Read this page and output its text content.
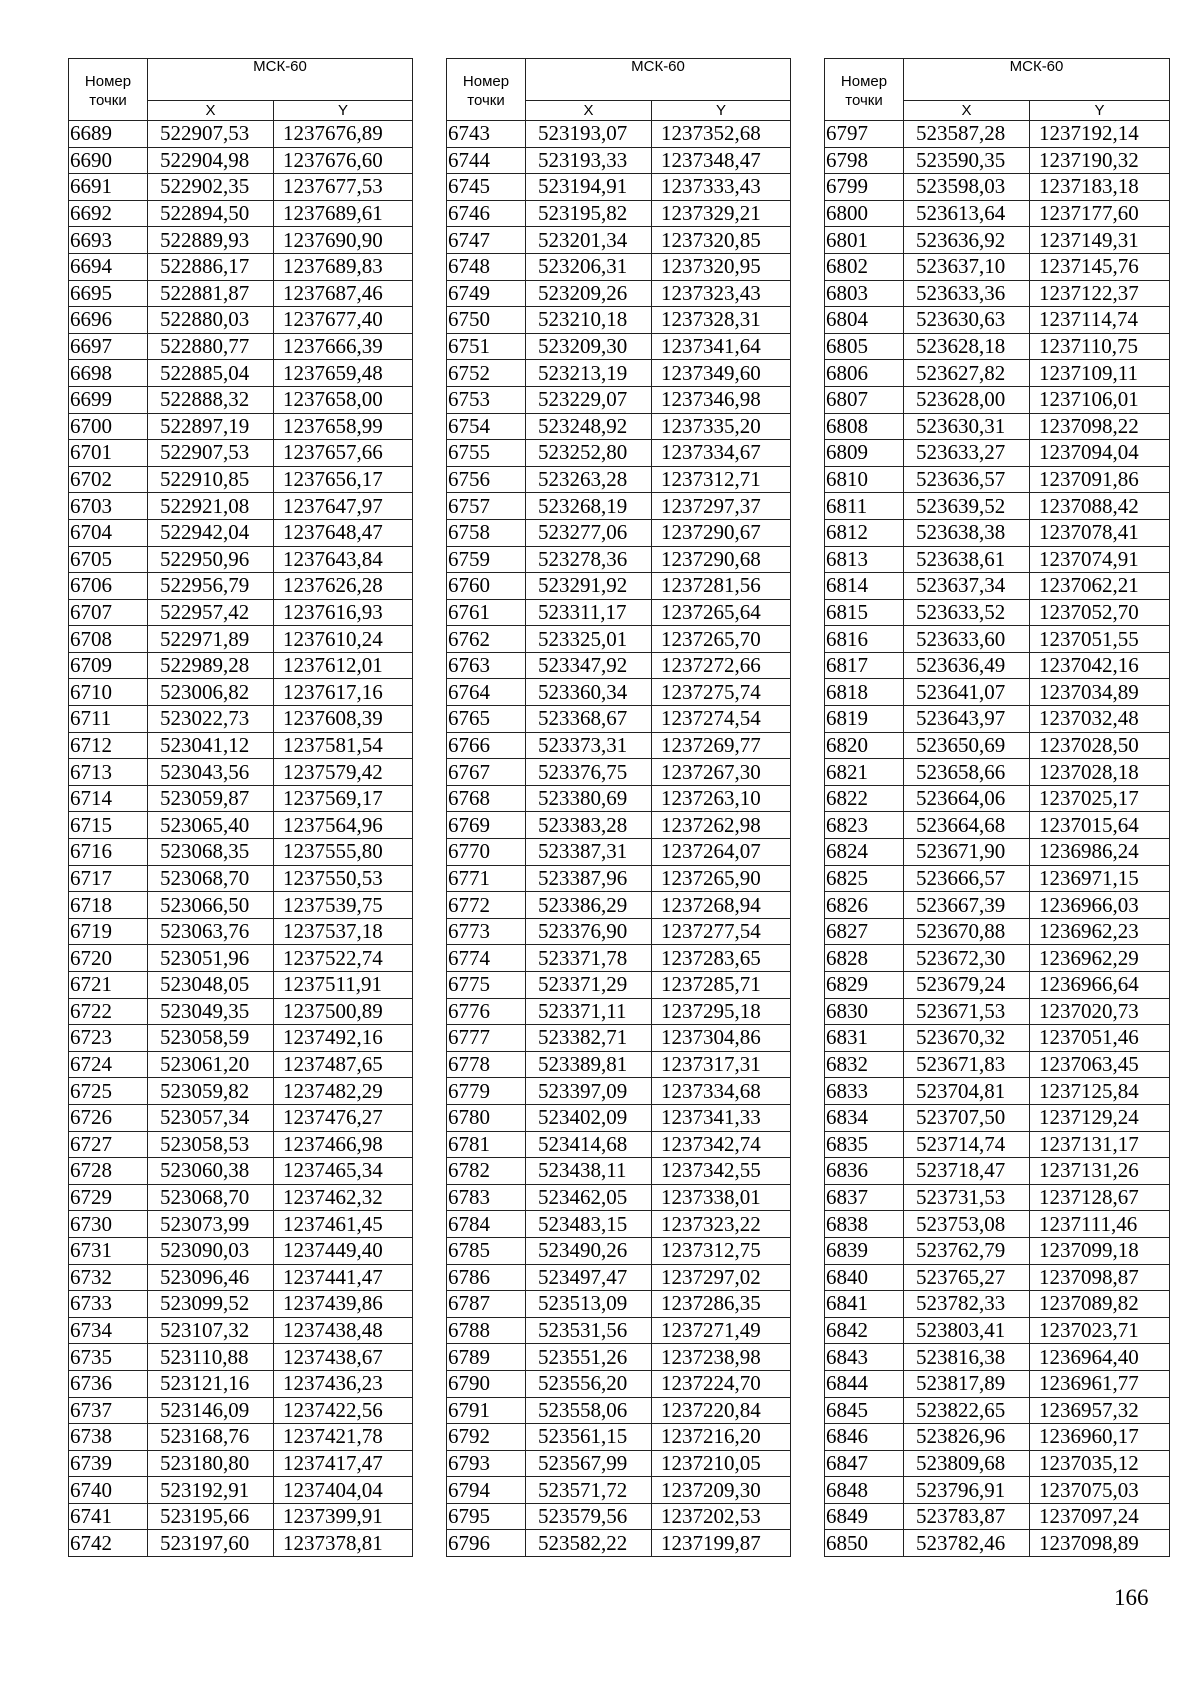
Номер точки	МСК-60	
	X	Y
6689	522907,53	1237676,89
6690	522904,98	1237676,60
6691	522902,35	1237677,53
6692	522894,50	1237689,61
6693	522889,93	1237690,90
6694	522886,17	1237689,83
6695	522881,87	1237687,46
6696	522880,03	1237677,40
6697	522880,77	1237666,39
6698	522885,04	1237659,48
6699	522888,32	1237658,00
6700	522897,19	1237658,99
6701	522907,53	1237657,66
6702	522910,85	1237656,17
6703	522921,08	1237647,97
6704	522942,04	1237648,47
6705	522950,96	1237643,84
6706	522956,79	1237626,28
6707	522957,42	1237616,93
6708	522971,89	1237610,24
6709	522989,28	1237612,01
6710	523006,82	1237617,16
6711	523022,73	1237608,39
6712	523041,12	1237581,54
6713	523043,56	1237579,42
6714	523059,87	1237569,17
6715	523065,40	1237564,96
6716	523068,35	1237555,80
6717	523068,70	1237550,53
6718	523066,50	1237539,75
6719	523063,76	1237537,18
6720	523051,96	1237522,74
6721	523048,05	1237511,91
6722	523049,35	1237500,89
6723	523058,59	1237492,16
6724	523061,20	1237487,65
6725	523059,82	1237482,29
6726	523057,34	1237476,27
6727	523058,53	1237466,98
6728	523060,38	1237465,34
6729	523068,70	1237462,32
6730	523073,99	1237461,45
6731	523090,03	1237449,40
6732	523096,46	1237441,47
6733	523099,52	1237439,86
6734	523107,32	1237438,48
6735	523110,88	1237438,67
6736	523121,16	1237436,23
6737	523146,09	1237422,56
6738	523168,76	1237421,78
6739	523180,80	1237417,47
6740	523192,91	1237404,04
6741	523195,66	1237399,91
6742	523197,60	1237378,81
Номер точки	МСК-60	
	X	Y
6743	523193,07	1237352,68
6744	523193,33	1237348,47
6745	523194,91	1237333,43
6746	523195,82	1237329,21
6747	523201,34	1237320,85
6748	523206,31	1237320,95
6749	523209,26	1237323,43
6750	523210,18	1237328,31
6751	523209,30	1237341,64
6752	523213,19	1237349,60
6753	523229,07	1237346,98
6754	523248,92	1237335,20
6755	523252,80	1237334,67
6756	523263,28	1237312,71
6757	523268,19	1237297,37
6758	523277,06	1237290,67
6759	523278,36	1237290,68
6760	523291,92	1237281,56
6761	523311,17	1237265,64
6762	523325,01	1237265,70
6763	523347,92	1237272,66
6764	523360,34	1237275,74
6765	523368,67	1237274,54
6766	523373,31	1237269,77
6767	523376,75	1237267,30
6768	523380,69	1237263,10
6769	523383,28	1237262,98
6770	523387,31	1237264,07
6771	523387,96	1237265,90
6772	523386,29	1237268,94
6773	523376,90	1237277,54
6774	523371,78	1237283,65
6775	523371,29	1237285,71
6776	523371,11	1237295,18
6777	523382,71	1237304,86
6778	523389,81	1237317,31
6779	523397,09	1237334,68
6780	523402,09	1237341,33
6781	523414,68	1237342,74
6782	523438,11	1237342,55
6783	523462,05	1237338,01
6784	523483,15	1237323,22
6785	523490,26	1237312,75
6786	523497,47	1237297,02
6787	523513,09	1237286,35
6788	523531,56	1237271,49
6789	523551,26	1237238,98
6790	523556,20	1237224,70
6791	523558,06	1237220,84
6792	523561,15	1237216,20
6793	523567,99	1237210,05
6794	523571,72	1237209,30
6795	523579,56	1237202,53
6796	523582,22	1237199,87
Номер точки	МСК-60	
	X	Y
6797	523587,28	1237192,14
6798	523590,35	1237190,32
6799	523598,03	1237183,18
6800	523613,64	1237177,60
6801	523636,92	1237149,31
6802	523637,10	1237145,76
6803	523633,36	1237122,37
6804	523630,63	1237114,74
6805	523628,18	1237110,75
6806	523627,82	1237109,11
6807	523628,00	1237106,01
6808	523630,31	1237098,22
6809	523633,27	1237094,04
6810	523636,57	1237091,86
6811	523639,52	1237088,42
6812	523638,38	1237078,41
6813	523638,61	1237074,91
6814	523637,34	1237062,21
6815	523633,52	1237052,70
6816	523633,60	1237051,55
6817	523636,49	1237042,16
6818	523641,07	1237034,89
6819	523643,97	1237032,48
6820	523650,69	1237028,50
6821	523658,66	1237028,18
6822	523664,06	1237025,17
6823	523664,68	1237015,64
6824	523671,90	1236986,24
6825	523666,57	1236971,15
6826	523667,39	1236966,03
6827	523670,88	1236962,23
6828	523672,30	1236962,29
6829	523679,24	1236966,64
6830	523671,53	1237020,73
6831	523670,32	1237051,46
6832	523671,83	1237063,45
6833	523704,81	1237125,84
6834	523707,50	1237129,24
6835	523714,74	1237131,17
6836	523718,47	1237131,26
6837	523731,53	1237128,67
6838	523753,08	1237111,46
6839	523762,79	1237099,18
6840	523765,27	1237098,87
6841	523782,33	1237089,82
6842	523803,41	1237023,71
6843	523816,38	1236964,40
6844	523817,89	1236961,77
6845	523822,65	1236957,32
6846	523826,96	1236960,17
6847	523809,68	1237035,12
6848	523796,91	1237075,03
6849	523783,87	1237097,24
6850	523782,46	1237098,89
166
